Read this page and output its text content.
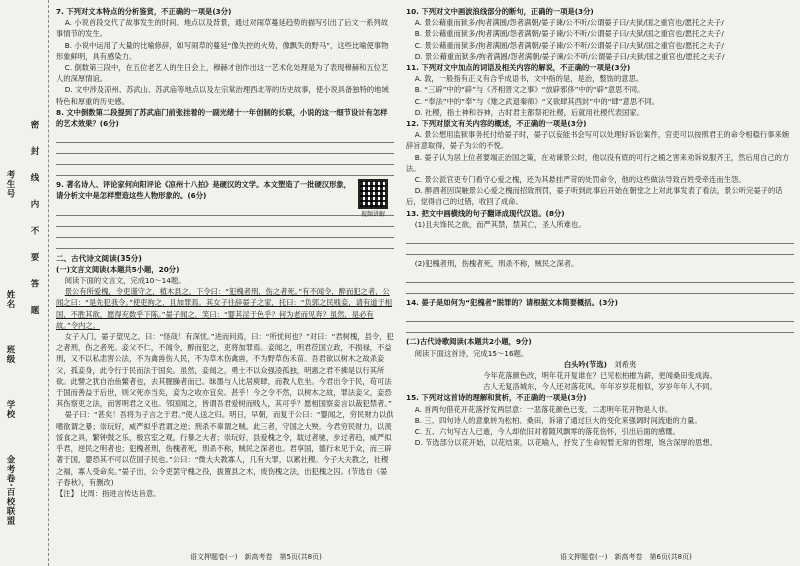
学校
班级
姓名
考生号
密封线内不要答题
金考卷·百校联盟

7. 下列对文本特点的分析鉴赏，不正确的一项是(3分)

A. 小说首段交代了故事发生的时间、地点以及背景，通过对闹草蔓延趋势的描写引出了后文一系列故事情节的发生。

B. 小说中运用了大量的比喻修辞，如写闹草的蔓延“像失控的火势，像飘失的野马”，这些比喻使事物形象鲜明，具有感染力。

C. 倒数第三段中，在五位老艺人的生日会上，穆赫才创作出这一艺术化处理是为了表现穆赫和五位艺人的深厚情谊。

D. 文中涉及凉州、苏武山、苏武庙等地点以及左宗棠治理西北等的历史故事，使小说具备独特的地域特色和厚重的历史感。

8. 文中倒数第二段提到了苏武庙门前张挂着的一副光绪十一年创制的长联，小说的这一细节设计有怎样的艺术效果？(6分)

9. 著名诗人、评论家何向阳评论《凉州十八拍》是硬汉的文学。本文塑造了一批硬汉形象，请分析文中是怎样塑造这些人物形象的。(6分)

视频讲解

二、古代诗文阅读(35分)

(一)文言文阅读(本题共5小题，20分)

阅读下面的文言文，完成10～14题。

景公有所爱槐，令吏谨守之，植木县之，下令曰：“犯槐者刑，伤之者死。”有不闻令，醉而犯之者，公闻之曰：“是先犯我令。”使吏拘之，且加罪焉。其女子往辞晏子之家，托曰：“负郭之民贱妾，请有道于相国，不胜其欲，愿得充数乎下陈。”晏子闻之，笑曰：“婴其淫于色乎？何为老而见奔？虽然，是必有故。”令内之。

女子入门，晏子望见之，曰：“怪哉！有深忧。”进而问焉，曰：“所忧何也？”对曰：“君树槐，县令，犯之者刑，伤之者死。妾父不仁，不闻令，醉而犯之，吏将加罪焉。妾闻之，明君莅国立政，不损禄，不益刑，又不以私恚害公法，不为禽兽伤人民，不为草木伤禽兽，不为野草伤禾苗。吾君欲以树木之故杀妾父，孤妾身，此令行于民而法于国矣。虽然，妾闻之，勇士不以众强凌孤独，明惠之君不拂是以行其所欲。此譬之犹自治鱼鳖者也，去其腥臊者而已。昧墨与人比居庾肆，而教人危坐。今君出令于民，苟可法于国而善益于后世，则父死亦当矣，妾为之收亦宜矣。甚乎！今之令不然，以树木之故，罪法妾父，妾恐其伤察吏之法，而害明君之义也。邻国闻之，皆谓吾君爱树而贱人，其可乎？愿相国察妾言以裁犯禁者。”

晏子曰：“甚矣！吾将为子言之于君。”使人送之归。明日，早朝，而复于公曰：“婴闻之，穷民财力以供嗜欲谓之暴；崇玩好，威严拟乎君谓之逆；刑杀不辜谓之贼。此三者，守国之大殃。今君穷民财力，以羡馁食之具，繁钟鼓之乐，极宫室之观，行暴之大者；崇玩好，县爱槐之令，载过者驰，步过者趋，威严拟乎君，逆民之明者也；犯槐者刑，伤槐者死，刑杀不称，贼民之深者也。君享国，德行未见于众，而三辟著于国，婴恐其不可以莅国子民也。”公曰：“微大夫教寡人，几有大罪，以累社稷。今子大夫教之，社稷之福，寡人受命矣。”晏子出，公令吏罢守槐之役，拔置县之木，废伤槐之法，出犯槐之囚。(节选自《晏子春秋》，有删改)

【注】 比周：指进言传达旨意。

10. 下列对文中画波浪线部分的断句，正确的一项是(3分)

A. 景公藉重而狱多/拘者满圄/怨者满朝/晏子谏/公不听/公谓晏子曰/夫狱/国之重官也/愿托之夫子/

B. 景公藉重而狱多/拘者满圄/怨者满朝/晏子谏/公不听/公谓晏子曰/夫狱/国之重官也/愿托之夫子/

C. 景公藉重而狱多/拘者满圄/怨者满朝/晏子谏/公不听/公谓晏子曰/夫狱/国之重官也/愿托之夫子/

D. 景公藉重而狱多/拘者满圄/怨者满朝/晏子谏/公不听/公谓晏子曰/夫狱/国之重官也/愿托之夫子/

11. 下列对文中加点的词语及相关内容的解说，不正确的一项是(3分)

A. 敦，一般指有正义有合乎成语书，文中指的是，是治，整饬的意思。

B. “三辟”中的“辟”与《齐相晋文之事》“放辟邪侈”中的“辟”意思不同。

C. “奉法”中的“奉”与《雉之武退秦师》“又欲肆其西封”中的“肆”意思不同。

D. 社稷，指土神和谷神，古时君主都祭祀社稷，后就用社稷代表国家。

12. 下列对原文有关内容的概述，不正确的一项是(3分)

A. 景公想用监狱事务托付给晏子时，晏子以妄能书会写可以处理好诉讼案件，官吏可以按照君王的命令相稳行事来婉辞旨意取得，晏子为公的不悦。

B. 晏子认为居上位者要端正治国之策，在劝谏景公时，他以没有底的可行之桶之害来劝诉说服齐王，然后用自己的方法。

C. 景公派官吏专门看守心爱之槐，还为其悬挂严苛的处罚命令，他的这些做法导致百姓受牵连而生怨。

D. 醉酒者因误触景公心爱之槐而招致刑罚，晏子听到此事后开始在朝堂之上对此事发表了看法，景公听完晏子的话后，觉得自己的过错，收回了成命。

13. 把文中画横线的句子翻译成现代汉语。(8分)

(1)且夫饰民之欲，而严其禁，禁其亡，圣人所难也。

(2)犯槐者刑，伤槐者死，刑杀不称，贼民之深者。

14. 晏子是如何为“犯槐者”脱罪的？请根据文本简要概括。(3分)

(二)古代诗歌阅读(本题共2小题，9分)

阅读下面这首诗，完成15～16题。

白头吟(节选)　 刘希夷

今年花落颜色改，明年花开复谁在？已见松柏摧为薪，更闻桑田变成海。

古人无复洛城东，今人还对落花风。年年岁岁花相似，岁岁年年人不同。

15. 下列对这首诗的理解和赏析，不正确的一项是(3分)

A. 首两句借花开花落抒发两层意：一悲落花颜色已变，二悲明年花开物是人非。

B. 三、四句诗人的意象转为松柏、桑田，诉诸了通过巨大的变化来强调时间流逝的力量。

C. 五、六句写古人已逝，今人却依旧对着随风飘零的落花伤怀，引出后面的感慨。

D. 节选部分以花开始，以花结束，以花喻人，抒发了生命短暂无常的哲理，饱含深厚的思想。

语文押题卷(一)　新高考卷　第5页(共8页)	语文押题卷(一)　新高考卷　第6页(共8页)
